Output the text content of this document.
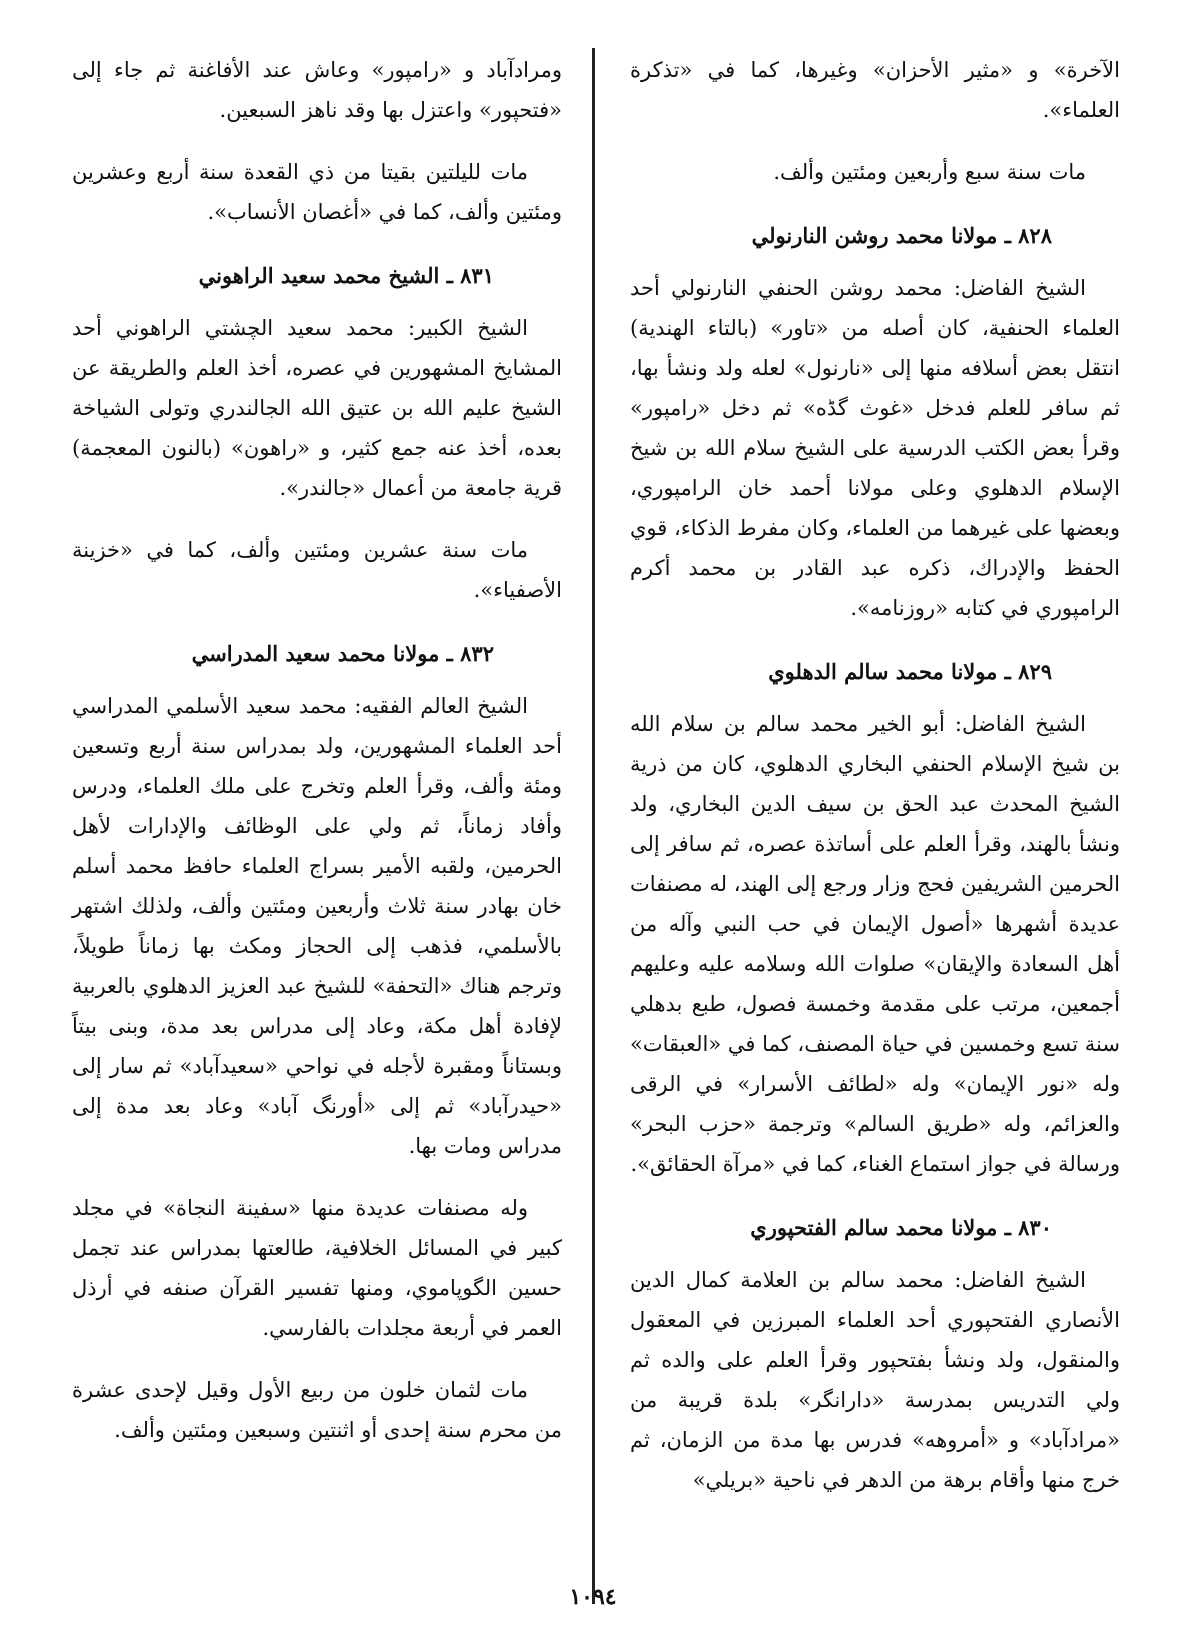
الآخرة» و «مثير الأحزان» وغيرها، كما في «تذكرة العلماء».

مات سنة سبع وأربعين ومئتين وألف.

٨٢٨ ـ مولانا محمد روشن النارنولي

الشيخ الفاضل: محمد روشن الحنفي النارنولي أحد العلماء الحنفية، كان أصله من «تاور» (بالتاء الهندية) انتقل بعض أسلافه منها إلى «نارنول» لعله ولد ونشأ بها، ثم سافر للعلم فدخل «غوث گڈه» ثم دخل «رامپور» وقرأ بعض الكتب الدرسية على الشيخ سلام الله بن شيخ الإسلام الدهلوي وعلى مولانا أحمد خان الرامپوري، وبعضها على غيرهما من العلماء، وكان مفرط الذكاء، قوي الحفظ والإدراك، ذكره عبد القادر بن محمد أكرم الرامپوري في كتابه «روزنامه».

٨٢٩ ـ مولانا محمد سالم الدهلوي

الشيخ الفاضل: أبو الخير محمد سالم بن سلام الله بن شيخ الإسلام الحنفي البخاري الدهلوي، كان من ذرية الشيخ المحدث عبد الحق بن سيف الدين البخاري، ولد ونشأ بالهند، وقرأ العلم على أساتذة عصره، ثم سافر إلى الحرمين الشريفين فحج وزار ورجع إلى الهند، له مصنفات عديدة أشهرها «أصول الإيمان في حب النبي وآله من أهل السعادة والإيقان» صلوات الله وسلامه عليه وعليهم أجمعين، مرتب على مقدمة وخمسة فصول، طبع بدهلي سنة تسع وخمسين في حياة المصنف، كما في «العبقات» وله «نور الإيمان» وله «لطائف الأسرار» في الرقى والعزائم، وله «طريق السالم» وترجمة «حزب البحر» ورسالة في جواز استماع الغناء، كما في «مرآة الحقائق».

٨٣٠ ـ مولانا محمد سالم الفتحپوري

الشيخ الفاضل: محمد سالم بن العلامة كمال الدين الأنصاري الفتحپوري أحد العلماء المبرزين في المعقول والمنقول، ولد ونشأ بفتحپور وقرأ العلم على والده ثم ولي التدريس بمدرسة «دارانگر» بلدة قريبة من «مرادآباد» و «أمروهه» فدرس بها مدة من الزمان، ثم خرج منها وأقام برهة من الدهر في ناحية «بريلي»

ومرادآباد و «رامپور» وعاش عند الأفاغنة ثم جاء إلى «فتحپور» واعتزل بها وقد ناهز السبعين.

مات لليلتين بقيتا من ذي القعدة سنة أربع وعشرين ومئتين وألف، كما في «أغصان الأنساب».

٨٣١ ـ الشيخ محمد سعيد الراهوني

الشيخ الكبير: محمد سعيد الچشتي الراهوني أحد المشايخ المشهورين في عصره، أخذ العلم والطريقة عن الشيخ عليم الله بن عتيق الله الجالندري وتولى الشياخة بعده، أخذ عنه جمع كثير، و «راهون» (بالنون المعجمة) قرية جامعة من أعمال «جالندر».

مات سنة عشرين ومئتين وألف، كما في «خزينة الأصفياء».

٨٣٢ ـ مولانا محمد سعيد المدراسي

الشيخ العالم الفقيه: محمد سعيد الأسلمي المدراسي أحد العلماء المشهورين، ولد بمدراس سنة أربع وتسعين ومئة وألف، وقرأ العلم وتخرج على ملك العلماء، ودرس وأفاد زماناً، ثم ولي على الوظائف والإدارات لأهل الحرمين، ولقبه الأمير بسراج العلماء حافظ محمد أسلم خان بهادر سنة ثلاث وأربعين ومئتين وألف، ولذلك اشتهر بالأسلمي، فذهب إلى الحجاز ومكث بها زماناً طويلاً، وترجم هناك «التحفة» للشيخ عبد العزيز الدهلوي بالعربية لإفادة أهل مكة، وعاد إلى مدراس بعد مدة، وبنى بيتاً وبستاناً ومقبرة لأجله في نواحي «سعيدآباد» ثم سار إلى «حيدرآباد» ثم إلى «أورنگ آباد» وعاد بعد مدة إلى مدراس ومات بها.

وله مصنفات عديدة منها «سفينة النجاة» في مجلد كبير في المسائل الخلافية، طالعتها بمدراس عند تجمل حسين الگوپاموي، ومنها تفسير القرآن صنفه في أرذل العمر في أربعة مجلدات بالفارسي.

مات لثمان خلون من ربيع الأول وقيل لإحدى عشرة من محرم سنة إحدى أو اثنتين وسبعين ومئتين وألف.

١٠٩٤
